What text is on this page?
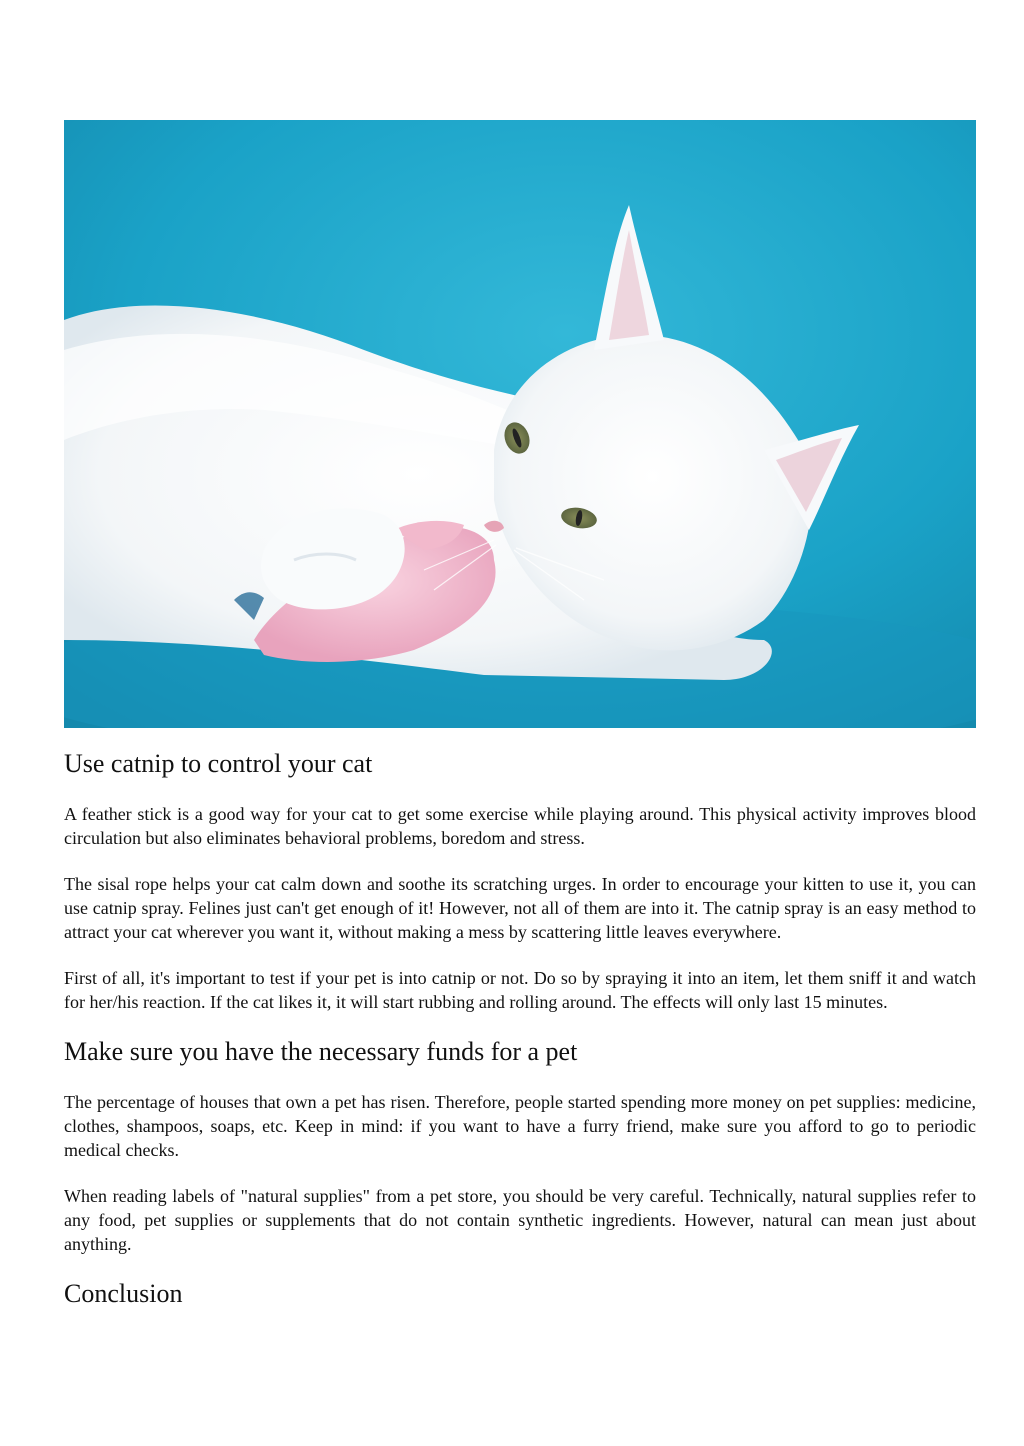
Use catnip to control your cat

A feather stick is a good way for your cat to get some exercise while playing around. This physical activity improves blood circulation but also eliminates behavioral problems, boredom and stress.

The sisal rope helps your cat calm down and soothe its scratching urges. In order to encourage your kitten to use it, you can use catnip spray. Felines just can't get enough of it! However, not all of them are into it. The catnip spray is an easy method to attract your cat wherever you want it, without making a mess by scattering little leaves everywhere.

First of all, it's important to test if your pet is into catnip or not. Do so by spraying it into an item, let them sniff it and watch for her/his reaction. If the cat likes it, it will start rubbing and rolling around. The effects will only last 15 minutes.

Make sure you have the necessary funds for a pet

The percentage of houses that own a pet has risen. Therefore, people started spending more money on pet supplies: medicine, clothes, shampoos, soaps, etc. Keep in mind: if you want to have a furry friend, make sure you afford to go to periodic medical checks.

When reading labels of "natural supplies" from a pet store, you should be very careful. Technically, natural supplies refer to any food, pet supplies or supplements that do not contain synthetic ingredients. However, natural can mean just about anything.

Conclusion
